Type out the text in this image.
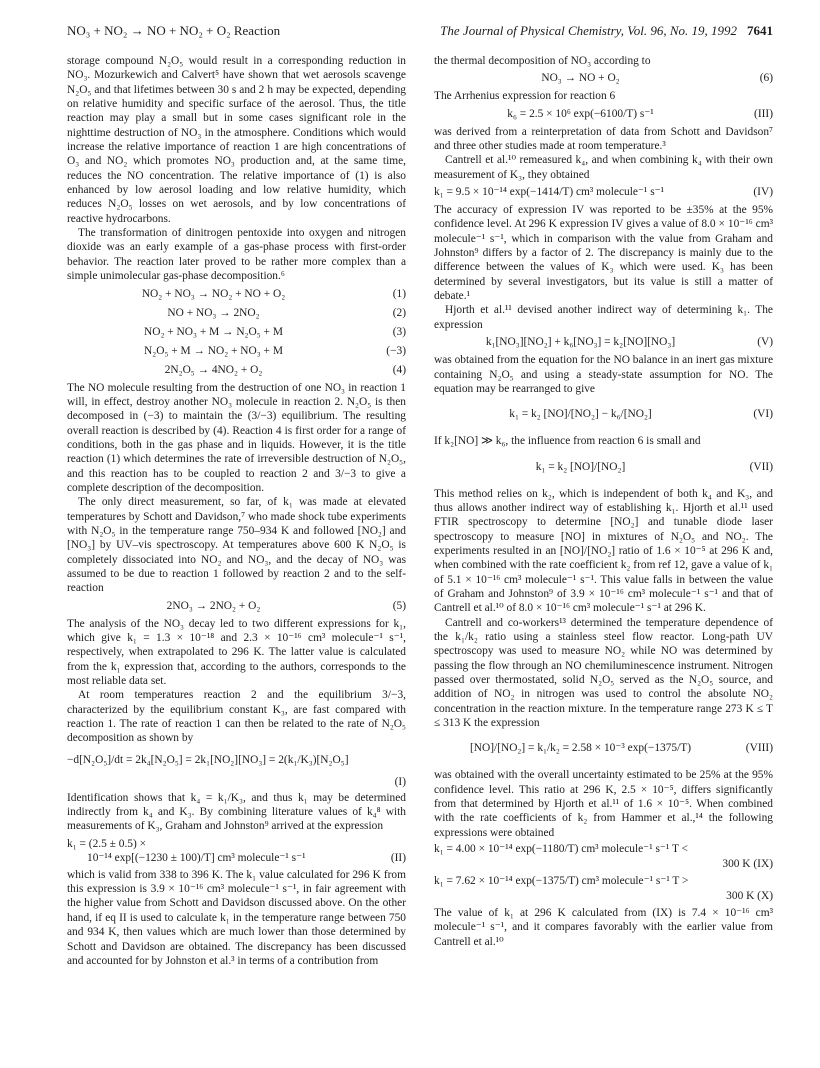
NO₃ + NO₂ → NO + NO₂ + O₂ Reaction	The Journal of Physical Chemistry, Vol. 96, No. 19, 1992 7641

storage compound N₂O₅ would result in a corresponding reduction in NO₃. Mozurkewich and Calvert⁵ have shown that wet aerosols scavenge N₂O₅ and that lifetimes between 30 s and 2 h may be expected, depending on relative humidity and specific surface of the aerosol. Thus, the title reaction may play a small but in some cases significant role in the nighttime destruction of NO₃ in the atmosphere. Conditions which would increase the relative importance of reaction 1 are high concentrations of O₃ and NO₂ which promotes NO₃ production and, at the same time, reduces the NO concentration. The relative importance of (1) is also enhanced by low aerosol loading and low relative humidity, which reduces N₂O₅ losses on wet aerosols, and by low concentrations of reactive hydrocarbons.

The transformation of dinitrogen pentoxide into oxygen and nitrogen dioxide was an early example of a gas-phase process with first-order behavior. The reaction later proved to be rather more complex than a simple unimolecular gas-phase decomposition.⁶

NO₂ + NO₃ → NO₂ + NO + O₂	(1)
NO + NO₃ → 2NO₂	(2)
NO₂ + NO₃ + M → N₂O₅ + M	(3)
N₂O₅ + M → NO₂ + NO₃ + M	(−3)
2N₂O₅ → 4NO₂ + O₂	(4)

The NO molecule resulting from the destruction of one NO₃ in reaction 1 will, in effect, destroy another NO₃ molecule in reaction 2. N₂O₅ is then decomposed in (−3) to maintain the (3/−3) equilibrium. The resulting overall reaction is described by (4). Reaction 4 is first order for a range of conditions, both in the gas phase and in liquids. However, it is the title reaction (1) which determines the rate of irreversible destruction of N₂O₅, and this reaction has to be coupled to reaction 2 and 3/−3 to give a complete description of the decomposition.

The only direct measurement, so far, of k₁ was made at elevated temperatures by Schott and Davidson,⁷ who made shock tube experiments with N₂O₅ in the temperature range 750–934 K and followed [NO₂] and [NO₃] by UV–vis spectroscopy. At temperatures above 600 K N₂O₅ is completely dissociated into NO₂ and NO₃, and the decay of NO₃ was assumed to be due to reaction 1 followed by reaction 2 and to the self-reaction

2NO₃ → 2NO₂ + O₂	(5)

The analysis of the NO₃ decay led to two different expressions for k₁, which give k₁ = 1.3 × 10⁻¹⁸ and 2.3 × 10⁻¹⁶ cm³ molecule⁻¹ s⁻¹, respectively, when extrapolated to 296 K. The latter value is calculated from the k₁ expression that, according to the authors, corresponds to the most reliable data set.

At room temperatures reaction 2 and the equilibrium 3/−3, characterized by the equilibrium constant K₃, are fast compared with reaction 1. The rate of reaction 1 can then be related to the rate of N₂O₅ decomposition as shown by

−d[N₂O₅]/dt = 2k₄[N₂O₅] = 2k₁[NO₂][NO₃] = 2(k₁/K₃)[N₂O₅]
(I)

Identification shows that k₄ = k₁/K₃, and thus k₁ may be determined indirectly from k₄ and K₃. By combining literature values of k₄⁸ with measurements of K₃, Graham and Johnston⁹ arrived at the expression

k₁ = (2.5 ± 0.5) ×
10⁻¹⁴ exp[(−1230 ± 100)/T] cm³ molecule⁻¹ s⁻¹	(II)

which is valid from 338 to 396 K. The k₁ value calculated for 296 K from this expression is 3.9 × 10⁻¹⁶ cm³ molecule⁻¹ s⁻¹, in fair agreement with the higher value from Schott and Davidson discussed above. On the other hand, if eq II is used to calculate k₁ in the temperature range between 750 and 934 K, then values which are much lower than those determined by Schott and Davidson are obtained. The discrepancy has been discussed and accounted for by Johnston et al.³ in terms of a contribution from

the thermal decomposition of NO₃ according to

NO₃ → NO + O₂	(6)

The Arrhenius expression for reaction 6

k₆ = 2.5 × 10⁶ exp(−6100/T) s⁻¹	(III)

was derived from a reinterpretation of data from Schott and Davidson⁷ and three other studies made at room temperature.³

Cantrell et al.¹⁰ remeasured k₄, and when combining k₄ with their own measurement of K₃, they obtained

k₁ = 9.5 × 10⁻¹⁴ exp(−1414/T) cm³ molecule⁻¹ s⁻¹	(IV)

The accuracy of expression IV was reported to be ±35% at the 95% confidence level. At 296 K expression IV gives a value of 8.0 × 10⁻¹⁶ cm³ molecule⁻¹ s⁻¹, which in comparison with the value from Graham and Johnston⁹ differs by a factor of 2. The discrepancy is mainly due to the difference between the values of K₃ which were used. K₃ has been determined by several investigators, but its value is still a matter of debate.¹

Hjorth et al.¹¹ devised another indirect way of determining k₁. The expression

k₁[NO₃][NO₂] + k₆[NO₃] = k₂[NO][NO₃]	(V)

was obtained from the equation for the NO balance in an inert gas mixture containing N₂O₅ and using a steady-state assumption for NO. The equation may be rearranged to give

k₁ = k₂ [NO]/[NO₂] − k₆/[NO₂]	(VI)

If k₂[NO] ≫ k₆, the influence from reaction 6 is small and

k₁ = k₂ [NO]/[NO₂]	(VII)

This method relies on k₂, which is independent of both k₄ and K₃, and thus allows another indirect way of establishing k₁. Hjorth et al.¹¹ used FTIR spectroscopy to determine [NO₂] and tunable diode laser spectroscopy to measure [NO] in mixtures of N₂O₅ and NO₂. The experiments resulted in an [NO]/[NO₂] ratio of 1.6 × 10⁻⁵ at 296 K and, when combined with the rate coefficient k₂ from ref 12, gave a value of k₁ of 5.1 × 10⁻¹⁶ cm³ molecule⁻¹ s⁻¹. This value falls in between the value of Graham and Johnston⁹ of 3.9 × 10⁻¹⁶ cm³ molecule⁻¹ s⁻¹ and that of Cantrell et al.¹⁰ of 8.0 × 10⁻¹⁶ cm³ molecule⁻¹ s⁻¹ at 296 K.

Cantrell and co-workers¹³ determined the temperature dependence of the k₁/k₂ ratio using a stainless steel flow reactor. Long-path UV spectroscopy was used to measure NO₂ while NO was determined by passing the flow through an NO chemiluminescence instrument. Nitrogen passed over thermostated, solid N₂O₅ served as the N₂O₅ source, and addition of NO₂ in nitrogen was used to control the absolute NO₂ concentration in the reaction mixture. In the temperature range 273 K ≤ T ≤ 313 K the expression

[NO]/[NO₂] = k₁/k₂ = 2.58 × 10⁻³ exp(−1375/T)	(VIII)

was obtained with the overall uncertainty estimated to be 25% at the 95% confidence level. This ratio at 296 K, 2.5 × 10⁻⁵, differs significantly from that determined by Hjorth et al.¹¹ of 1.6 × 10⁻⁵. When combined with the rate coefficients of k₂ from Hammer et al.,¹⁴ the following expressions were obtained

k₁ = 4.00 × 10⁻¹⁴ exp(−1180/T) cm³ molecule⁻¹ s⁻¹ T <
300 K (IX)
k₁ = 7.62 × 10⁻¹⁴ exp(−1375/T) cm³ molecule⁻¹ s⁻¹ T >
300 K (X)

The value of k₁ at 296 K calculated from (IX) is 7.4 × 10⁻¹⁶ cm³ molecule⁻¹ s⁻¹, and it compares favorably with the earlier value from Cantrell et al.¹⁰
